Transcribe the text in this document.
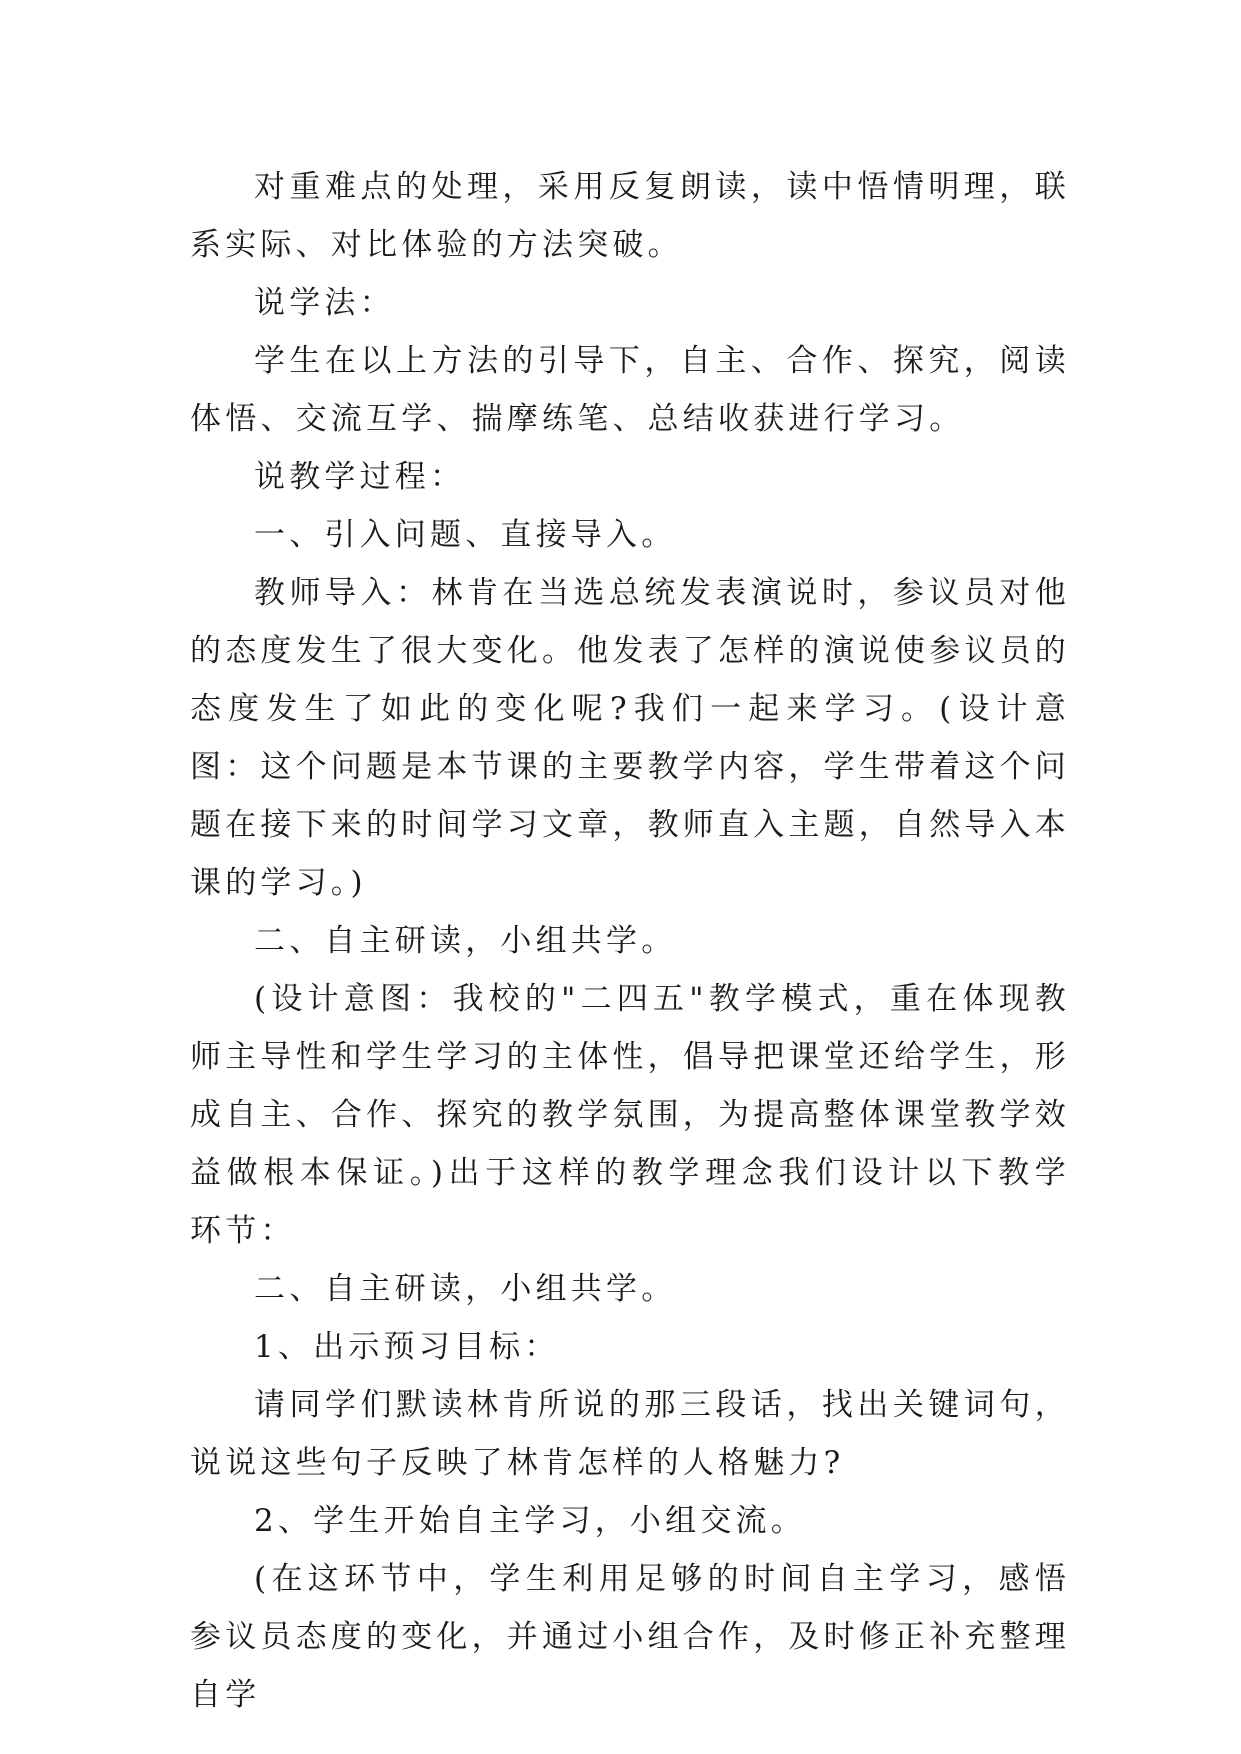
对重难点的处理，采用反复朗读，读中悟情明理，联系实际、对比体验的方法突破。

说学法：

学生在以上方法的引导下，自主、合作、探究，阅读体悟、交流互学、揣摩练笔、总结收获进行学习。

说教学过程：

一、引入问题、直接导入。

教师导入：林肯在当选总统发表演说时，参议员对他的态度发生了很大变化。他发表了怎样的演说使参议员的态度发生了如此的变化呢?我们一起来学习。(设计意图：这个问题是本节课的主要教学内容，学生带着这个问题在接下来的时间学习文章，教师直入主题，自然导入本课的学习。)

二、自主研读，小组共学。

(设计意图：我校的"二四五"教学模式，重在体现教师主导性和学生学习的主体性，倡导把课堂还给学生，形成自主、合作、探究的教学氛围，为提高整体课堂教学效益做根本保证。)出于这样的教学理念我们设计以下教学环节：

二、自主研读，小组共学。

1、出示预习目标：

请同学们默读林肯所说的那三段话，找出关键词句，说说这些句子反映了林肯怎样的人格魅力?

2、学生开始自主学习，小组交流。

(在这环节中，学生利用足够的时间自主学习，感悟参议员态度的变化，并通过小组合作，及时修正补充整理自学
